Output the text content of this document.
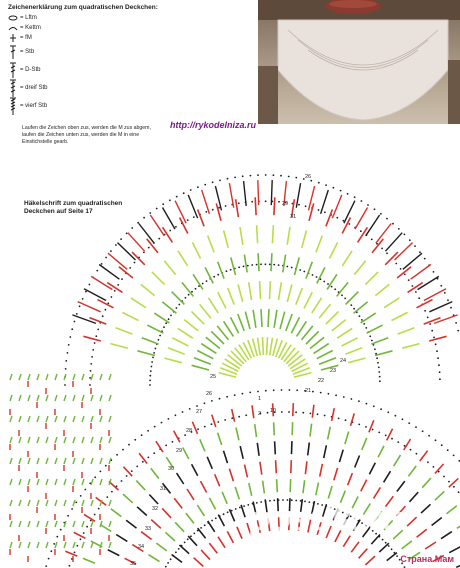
Zeichenerklärung zum quadratischen Deckchen:
= Lftm
= Kettm
= fM
= Stb
= D-Stb
= dreif Stb
= vierf Stb
Laufen die Zeichen oben zus, werden die M zus abgem, laufen die Zeichen unten zus, werden die M in eine Einstichstelle gearb.
http://rykodelnizа.ru
Häkelschrift zum quadratischen Deckchen auf Seite 17
25
26
27
28
29
30
31
32
33
34
35
1
2 10
21
22
23
24
26
29
31
postila.ru
Страна Мам
